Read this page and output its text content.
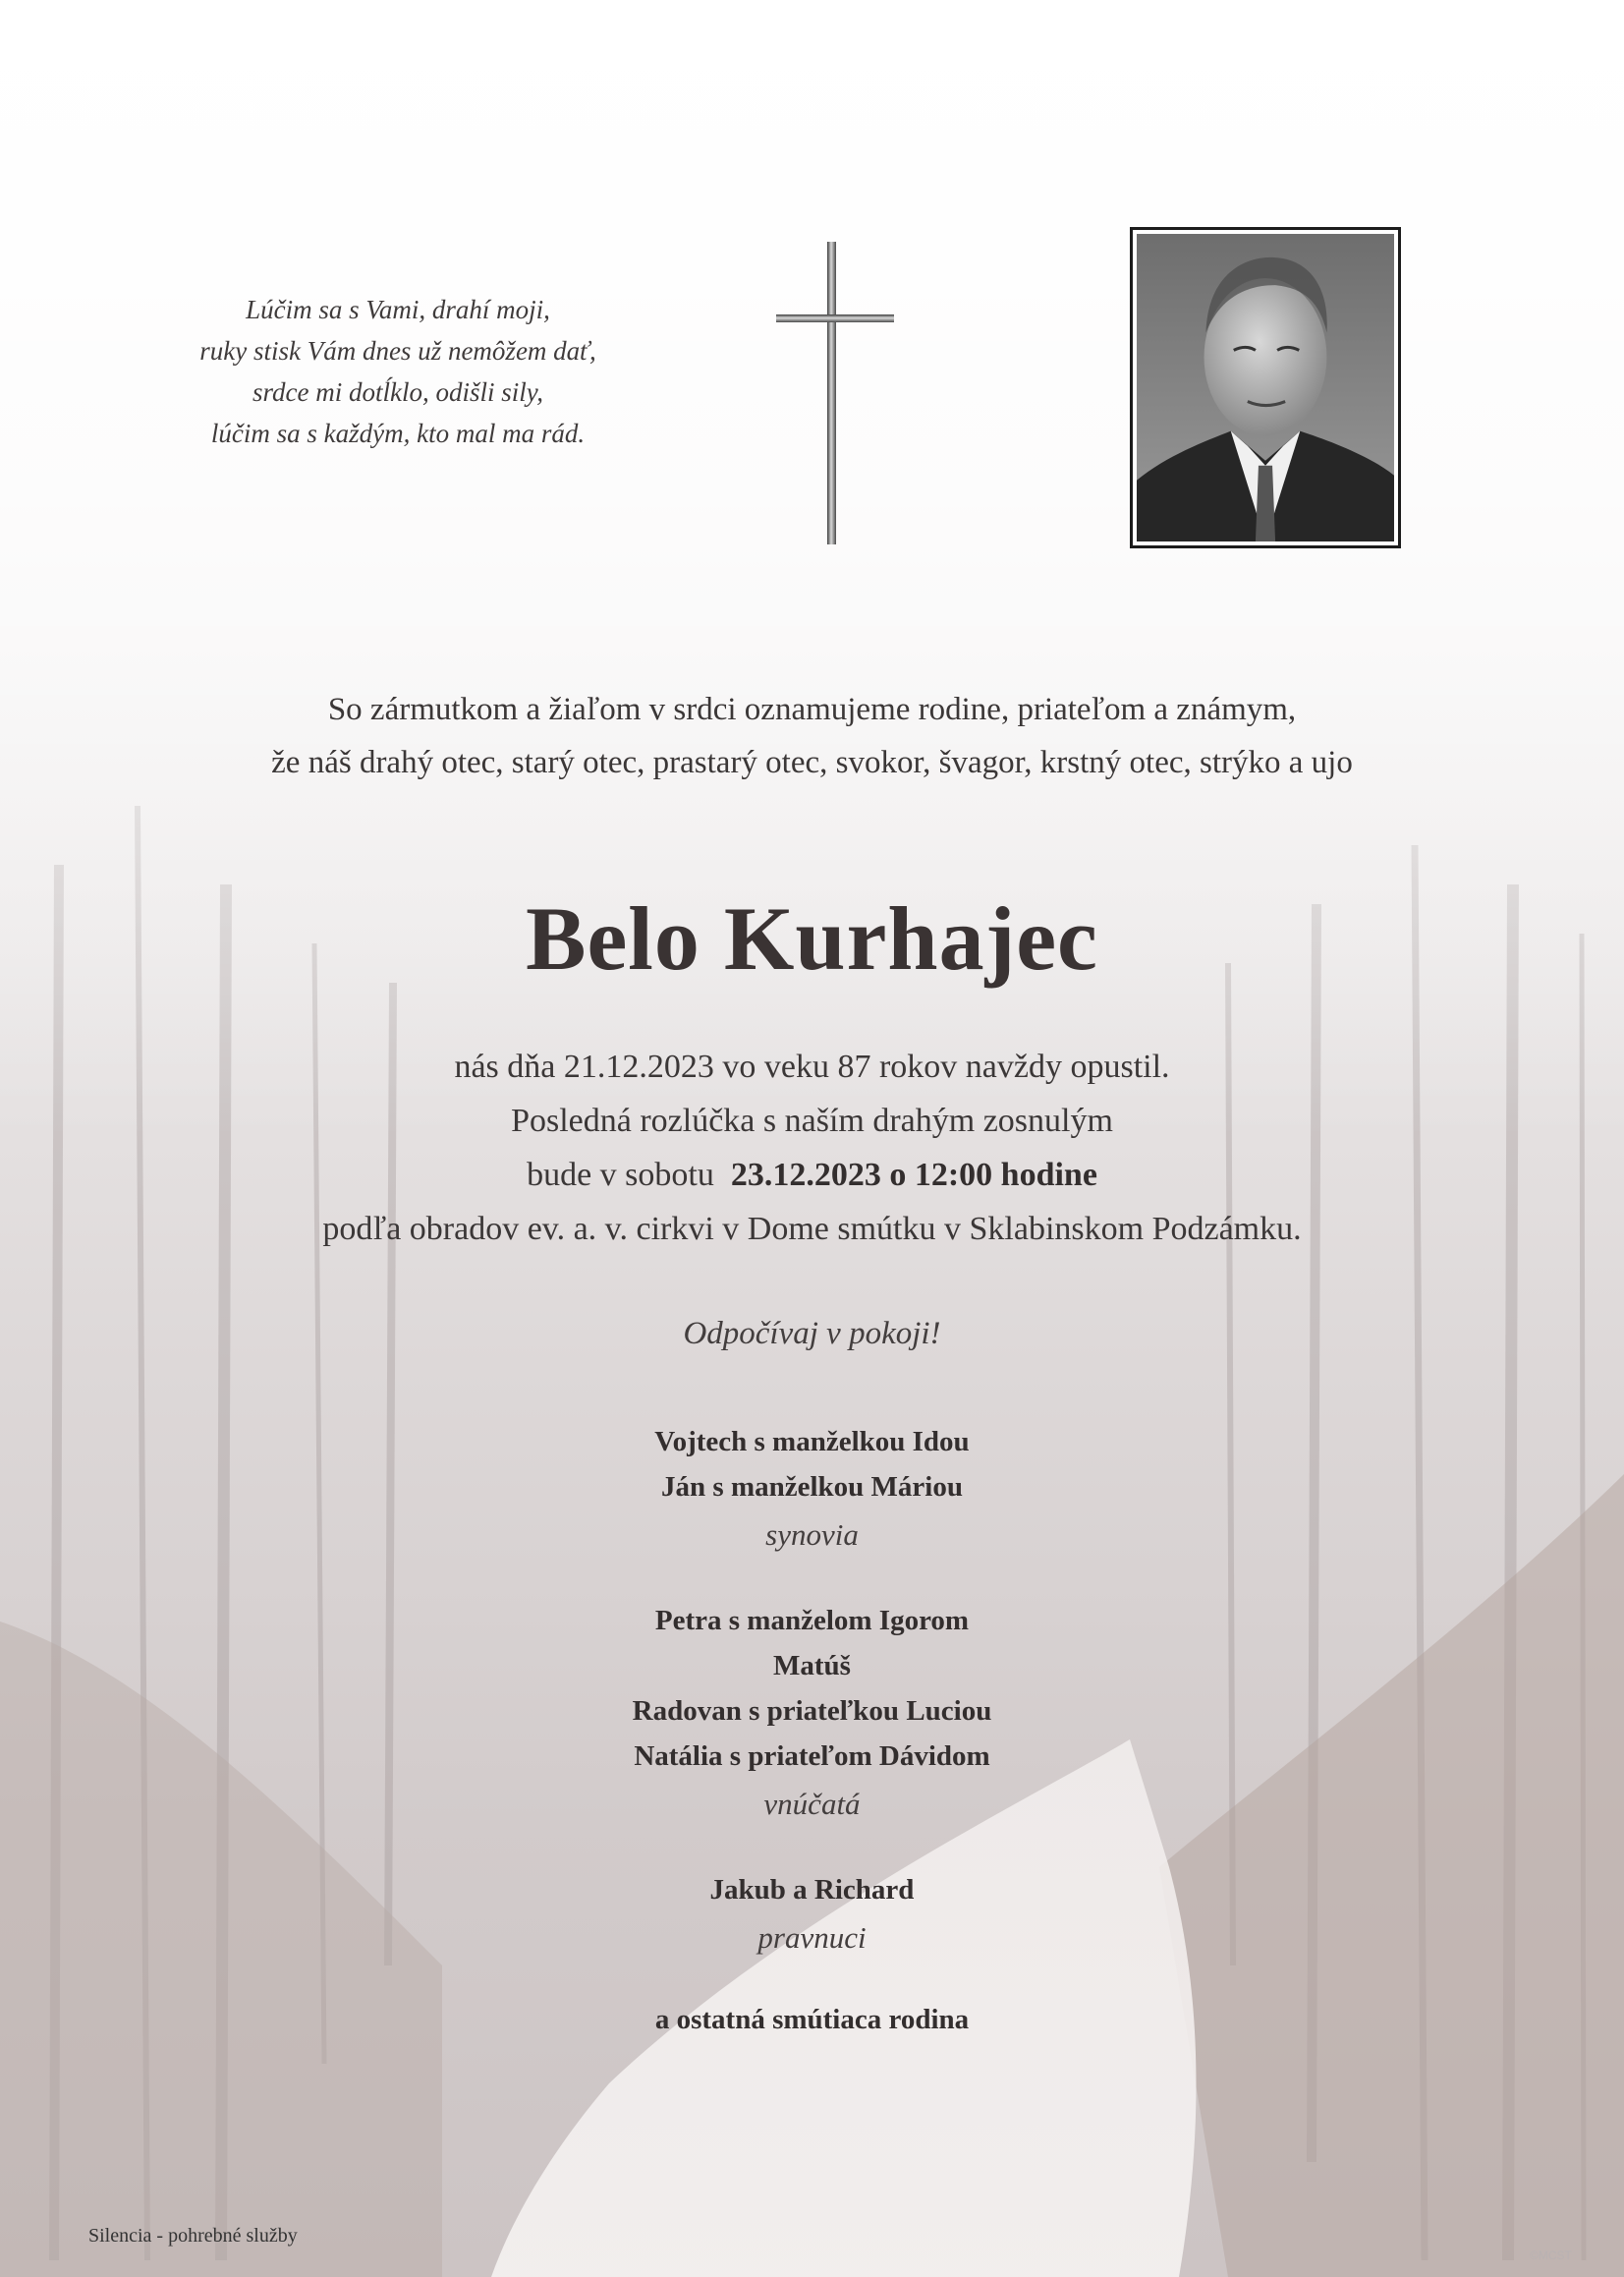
Lúčim sa s Vami, drahí moji,
ruky stisk Vám dnes už nemôžem dať,
srdce mi dotĺklo, odišli sily,
lúčim sa s každým, kto mal ma rád.
So zármutkom a žiaľom v srdci oznamujeme rodine, priateľom a známym,
že náš drahý otec, starý otec, prastarý otec, svokor, švagor, krstný otec, strýko a ujo
Belo Kurhajec
nás dňa 21.12.2023 vo veku 87 rokov navždy opustil.
Posledná rozlúčka s naším drahým zosnulým
bude v sobotu 23.12.2023 o 12:00 hodine
podľa obradov ev. a. v. cirkvi v Dome smútku v Sklabinskom Podzámku.
Odpočívaj v pokoji!
Vojtech s manželkou Idou
Ján s manželkou Máriou
synovia
Petra s manželom Igorom
Matúš
Radovan s priateľkou Luciou
Natália s priateľom Dávidom
vnúčatá
Jakub a Richard
pravnuci
a ostatná smútiaca rodina
Silencia - pohrebné služby
©MCST
